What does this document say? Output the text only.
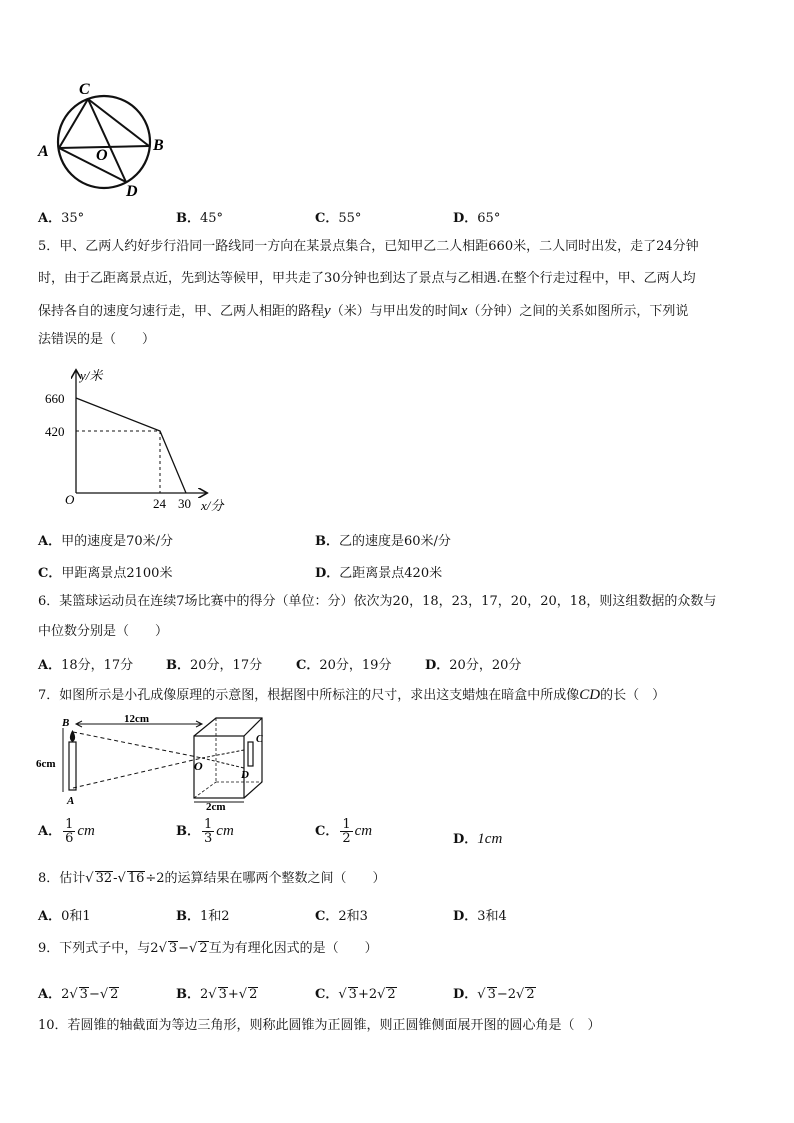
C
A	B
O
D
A．35°	B．45°	C．55°	D．65°
5．甲、乙两人约好步行沿同一路线同一方向在某景点集合，已知甲乙二人相距660米，二人同时出发，走了24分钟
时，由于乙距离景点近，先到达等候甲，甲共走了30分钟也到达了景点与乙相遇.在整个行走过程中，甲、乙两人均
保持各自的速度匀速行走，甲、乙两人相距的路程y（米）与甲出发的时间x（分钟）之间的关系如图所示，下列说
法错误的是（　　）
y/米
x/分
660
420
O	24 30
A．甲的速度是70米/分	B．乙的速度是60米/分
C．甲距离景点2100米	D．乙距离景点420米
6．某篮球运动员在连续7场比赛中的得分（单位：分）依次为20，18，23，17，20，20，18，则这组数据的众数与
中位数分别是（　　）
A．18分，17分	B．20分，17分	C．20分，19分	D．20分，20分
7．如图所示是小孔成像原理的示意图，根据图中所标注的尺寸，求出这支蜡烛在暗盒中所成像CD的长（　）
6cm
B
A
12cm
O
C
D
2cm
A． $\frac{1}{6}$ cm	B． $\frac{1}{3}$ cm	C． $\frac{1}{2}$ cm
D．1cm
8．估计√ 32-√ 16÷2的运算结果在哪两个整数之间（　　）
A．0和1	B．1和2	C．2和3	D．3和4
9．下列式子中，与2√ 3−√ 2互为有理化因式的是（　　）
A．2√ 3−√ 2	B．2√ 3+√ 2	C．√ 3+2√ 2	D．√ 3−2√ 2
10．若圆锥的轴截面为等边三角形，则称此圆锥为正圆锥，则正圆锥侧面展开图的圆心角是（　）
